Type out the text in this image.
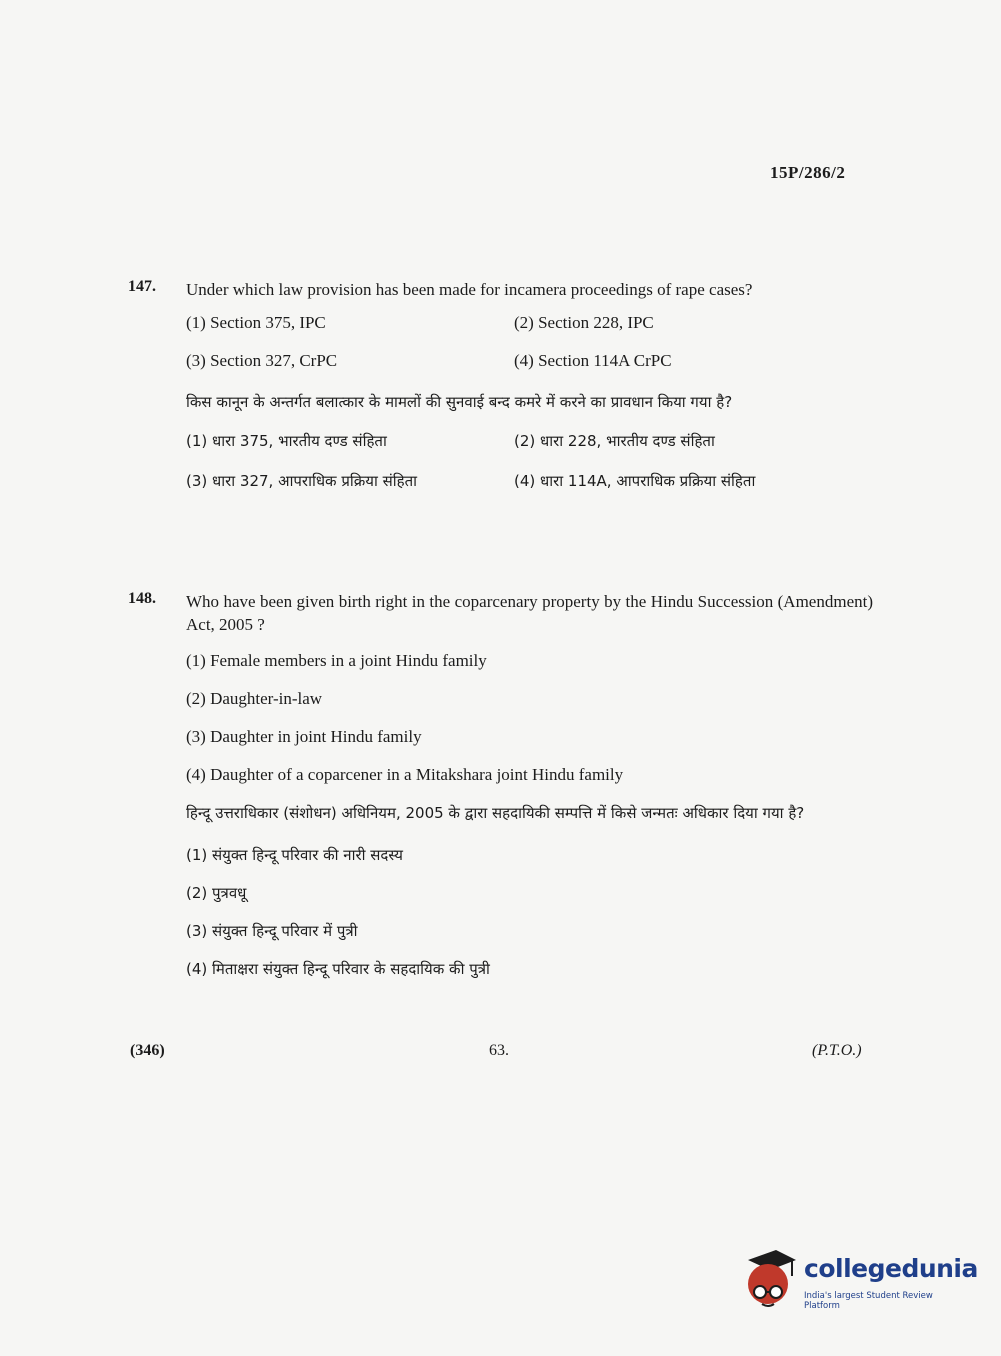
15P/286/2
147. Under which law provision has been made for incamera proceedings of rape cases?
(1) Section 375, IPC	(2) Section 228, IPC
(3) Section 327, CrPC	(4) Section 114A CrPC
किस कानून के अन्तर्गत बलात्कार के मामलों की सुनवाई बन्द कमरे में करने का प्रावधान किया गया है?
(1) धारा 375, भारतीय दण्ड संहिता	(2) धारा 228, भारतीय दण्ड संहिता
(3) धारा 327, आपराधिक प्रक्रिया संहिता	(4) धारा 114A, आपराधिक प्रक्रिया संहिता
148. Who have been given birth right in the coparcenary property by the Hindu Succession (Amendment) Act, 2005 ?
(1) Female members in a joint Hindu family
(2) Daughter-in-law
(3) Daughter in joint Hindu family
(4) Daughter of a coparcener in a Mitakshara joint Hindu family
हिन्दू उत्तराधिकार (संशोधन) अधिनियम, 2005 के द्वारा सहदायिकी सम्पत्ति में किसे जन्मतः अधिकार दिया गया है?
(1) संयुक्त हिन्दू परिवार की नारी सदस्य
(2) पुत्रवधू
(3) संयुक्त हिन्दू परिवार में पुत्री
(4) मिताक्षरा संयुक्त हिन्दू परिवार के सहदायिक की पुत्री
(346)	63.	(P.T.O.)
collegedunia
India's largest Student Review Platform
